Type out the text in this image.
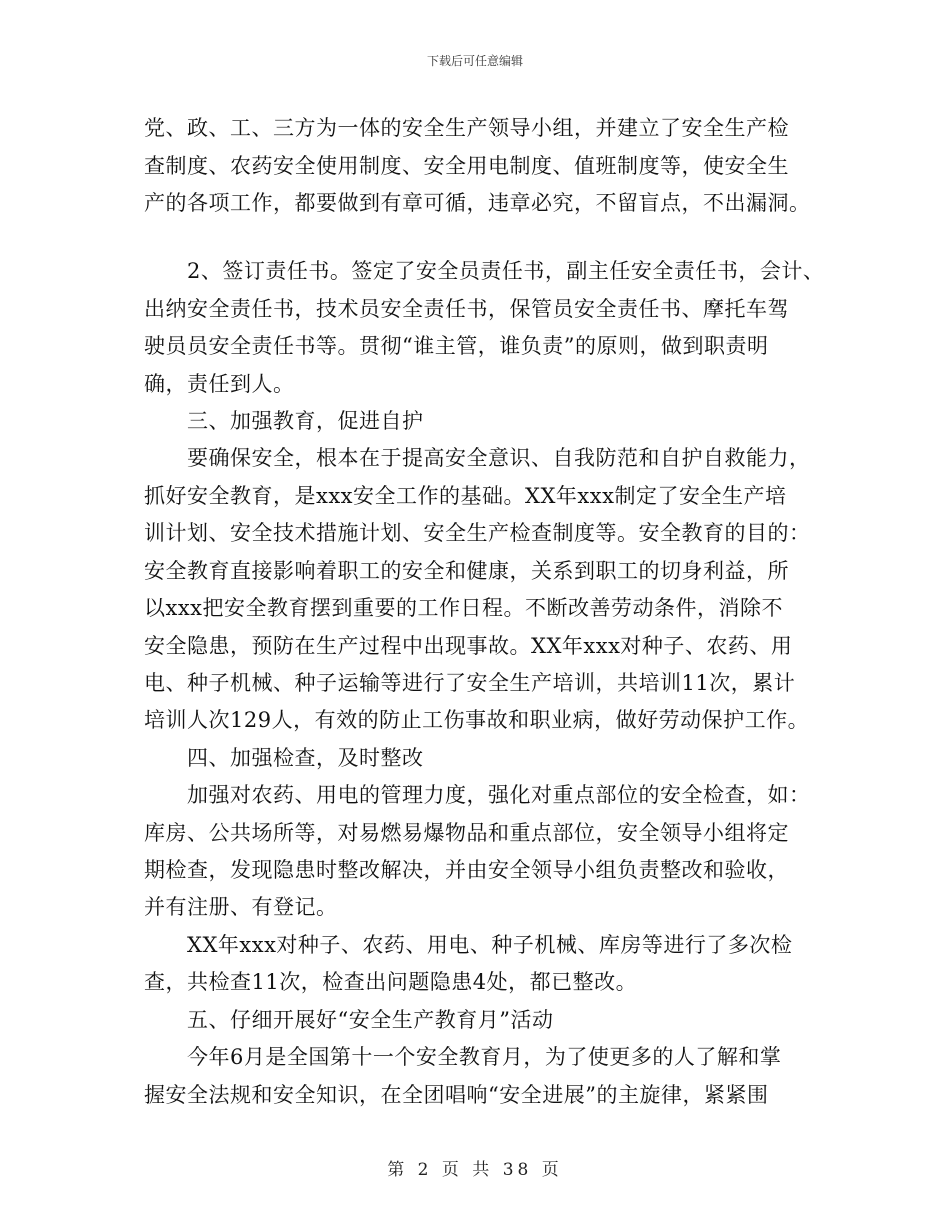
下载后可任意编辑
党、政、工、三方为一体的安全生产领导小组，并建立了安全生产检
查制度、农药安全使用制度、安全用电制度、值班制度等，使安全生
产的各项工作，都要做到有章可循，违章必究，不留盲点，不出漏洞。
2、签订责任书。签定了安全员责任书，副主任安全责任书，会计、
出纳安全责任书，技术员安全责任书，保管员安全责任书、摩托车驾
驶员员安全责任书等。贯彻“谁主管，谁负责”的原则，做到职责明
确，责任到人。
三、加强教育，促进自护
要确保安全，根本在于提高安全意识、自我防范和自护自救能力，
抓好安全教育，是xxx安全工作的基础。XX年xxx制定了安全生产培
训计划、安全技术措施计划、安全生产检查制度等。安全教育的目的：
安全教育直接影响着职工的安全和健康，关系到职工的切身利益，所
以xxx把安全教育摆到重要的工作日程。不断改善劳动条件，消除不
安全隐患，预防在生产过程中出现事故。XX年xxx对种子、农药、用
电、种子机械、种子运输等进行了安全生产培训，共培训11次，累计
培训人次129人，有效的防止工伤事故和职业病，做好劳动保护工作。
四、加强检查，及时整改
加强对农药、用电的管理力度，强化对重点部位的安全检查，如：
库房、公共场所等，对易燃易爆物品和重点部位，安全领导小组将定
期检查，发现隐患时整改解决，并由安全领导小组负责整改和验收，
并有注册、有登记。
XX年xxx对种子、农药、用电、种子机械、库房等进行了多次检
查，共检查11次，检查出问题隐患4处，都已整改。
五、仔细开展好“安全生产教育月”活动
今年6月是全国第十一个安全教育月，为了使更多的人了解和掌
握安全法规和安全知识，在全团唱响“安全进展”的主旋律，紧紧围
第 2 页 共 38 页
